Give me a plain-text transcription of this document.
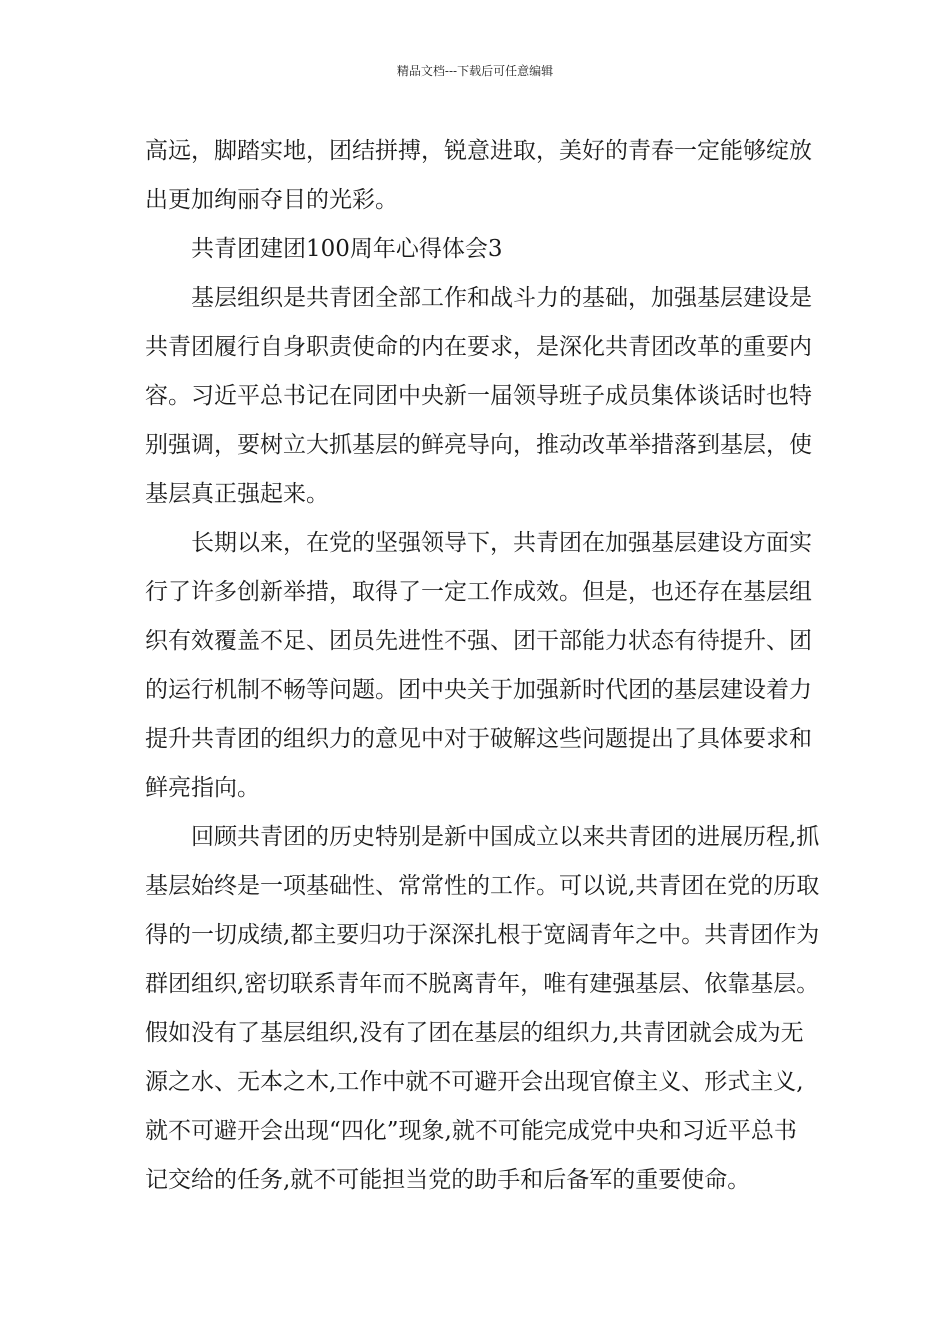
精品文档---下载后可任意编辑

高远，脚踏实地，团结拼搏，锐意进取，美好的青春一定能够绽放
出更加绚丽夺目的光彩。

共青团建团100周年心得体会3

基层组织是共青团全部工作和战斗力的基础，加强基层建设是
共青团履行自身职责使命的内在要求，是深化共青团改革的重要内
容。习近平总书记在同团中央新一届领导班子成员集体谈话时也特
别强调，要树立大抓基层的鲜亮导向，推动改革举措落到基层，使
基层真正强起来。

长期以来，在党的坚强领导下，共青团在加强基层建设方面实
行了许多创新举措，取得了一定工作成效。但是，也还存在基层组
织有效覆盖不足、团员先进性不强、团干部能力状态有待提升、团
的运行机制不畅等问题。团中央关于加强新时代团的基层建设着力
提升共青团的组织力的意见中对于破解这些问题提出了具体要求和
鲜亮指向。

回顾共青团的历史特别是新中国成立以来共青团的进展历程,抓
基层始终是一项基础性、常常性的工作。可以说,共青团在党的历取
得的一切成绩,都主要归功于深深扎根于宽阔青年之中。共青团作为
群团组织,密切联系青年而不脱离青年，唯有建强基层、依靠基层。
假如没有了基层组织,没有了团在基层的组织力,共青团就会成为无
源之水、无本之木,工作中就不可避开会出现官僚主义、形式主义,
就不可避开会出现“四化”现象,就不可能完成党中央和习近平总书
记交给的任务,就不可能担当党的助手和后备军的重要使命。
